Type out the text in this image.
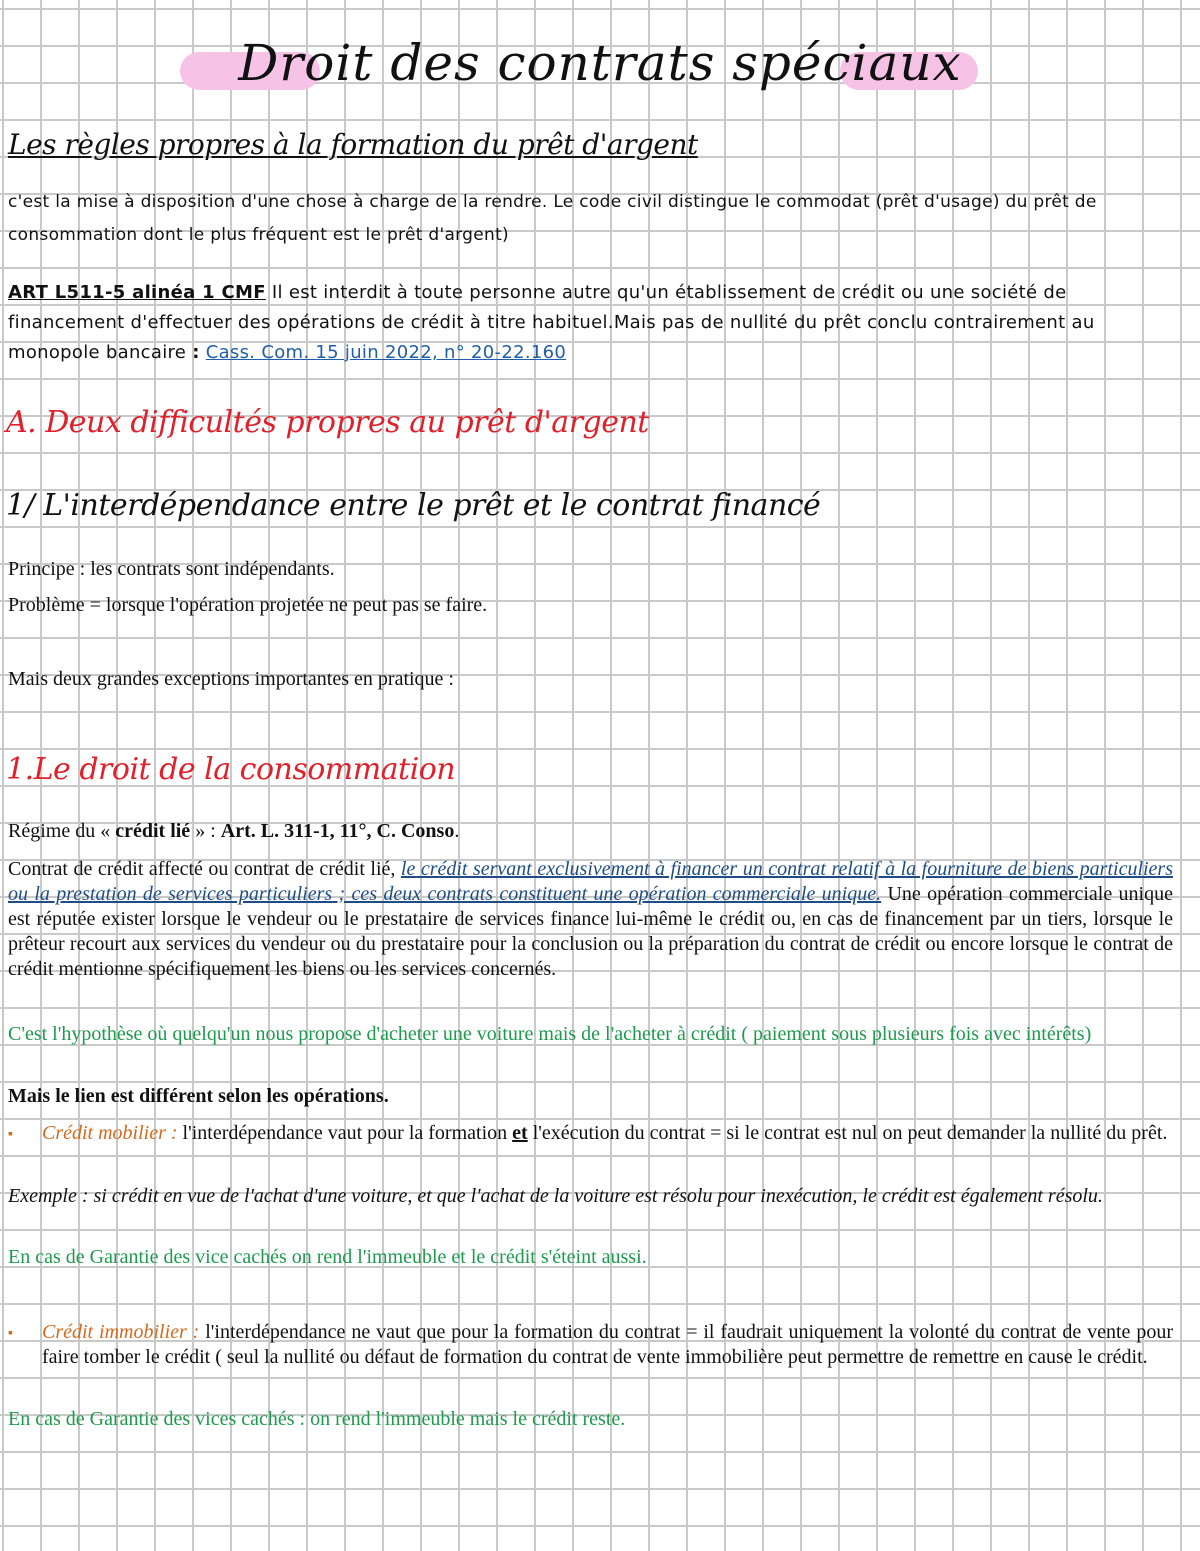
Droit des contrats spéciaux
Les règles propres à la formation du prêt d'argent

c'est la mise à disposition d'une chose à charge de la rendre. Le code civil distingue le commodat (prêt d'usage) du prêt de consommation dont le plus fréquent est le prêt d'argent)

ART L511-5 alinéa 1 CMF Il est interdit à toute personne autre qu'un établissement de crédit ou une société de financement d'effectuer des opérations de crédit à titre habituel.Mais pas de nullité du prêt conclu contrairement au monopole bancaire : Cass. Com. 15 juin 2022, n° 20-22.160

A. Deux difficultés propres au prêt d'argent
1/ L'interdépendance entre le prêt et le contrat financé

Principe : les contrats sont indépendants.

Problème = lorsque l'opération projetée ne peut pas se faire.

Mais deux grandes exceptions importantes en pratique :

1.Le droit de la consommation

Régime du « crédit lié » : Art. L. 311-1, 11°, C. Conso.

Contrat de crédit affecté ou contrat de crédit lié, le crédit servant exclusivement à financer un contrat relatif à la fourniture de biens particuliers ou la prestation de services particuliers ; ces deux contrats constituent une opération commerciale unique. Une opération commerciale unique est réputée exister lorsque le vendeur ou le prestataire de services finance lui-même le crédit ou, en cas de financement par un tiers, lorsque le prêteur recourt aux services du vendeur ou du prestataire pour la conclusion ou la préparation du contrat de crédit ou encore lorsque le contrat de crédit mentionne spécifiquement les biens ou les services concernés.

C'est l'hypothèse où quelqu'un nous propose d'acheter une voiture mais de l'acheter à crédit ( paiement sous plusieurs fois avec intérêts)

Mais le lien est différent selon les opérations.

▪ Crédit mobilier : l'interdépendance vaut pour la formation et l'exécution du contrat = si le contrat est nul on peut demander la nullité du prêt.

Exemple : si crédit en vue de l'achat d'une voiture, et que l'achat de la voiture est résolu pour inexécution, le crédit est également résolu.

En cas de Garantie des vice cachés on rend l'immeuble et le crédit s'éteint aussi.

▪ Crédit immobilier : l'interdépendance ne vaut que pour la formation du contrat = il faudrait uniquement la volonté du contrat de vente pour faire tomber le crédit ( seul la nullité ou défaut de formation du contrat de vente immobilière peut permettre de remettre en cause le crédit.

En cas de Garantie des vices cachés : on rend l'immeuble mais le crédit reste.
